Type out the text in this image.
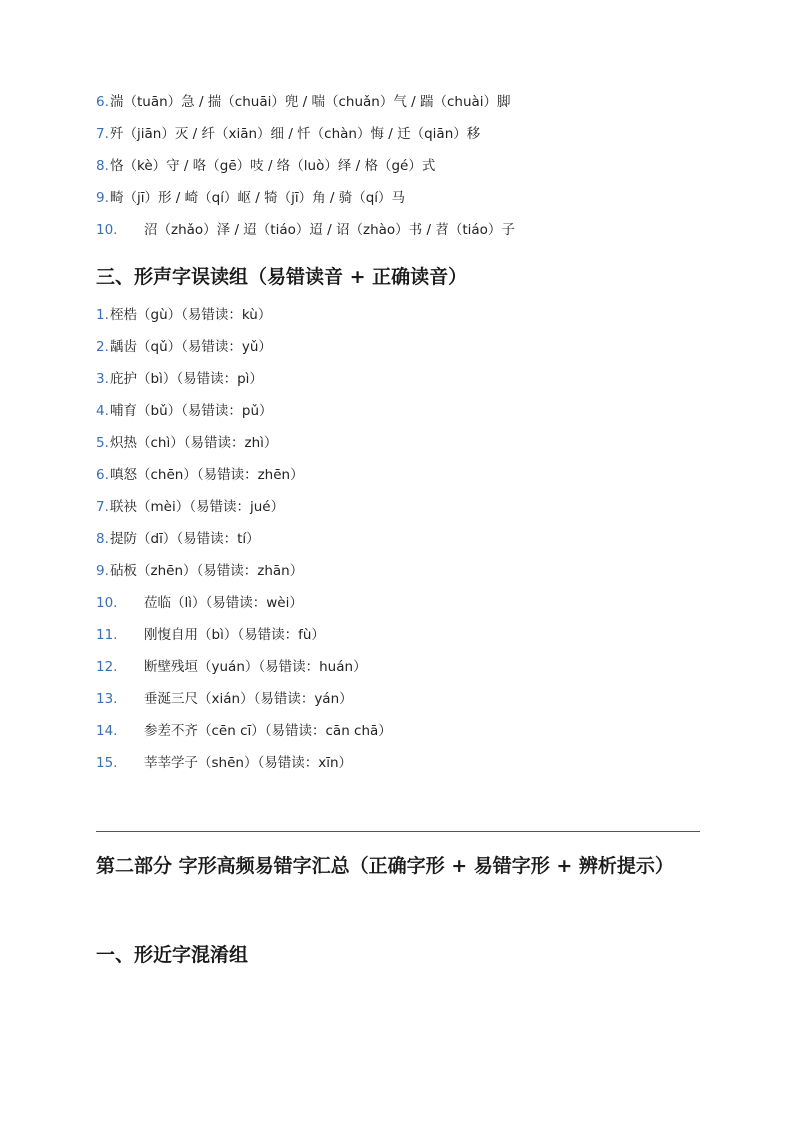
6. 湍（tuān）急 / 揣（chuāi）兜 / 喘（chuǎn）气 / 踹（chuài）脚
7. 歼（jiān）灭 / 纤（xiān）细 / 忏（chàn）悔 / 迁（qiān）移
8. 恪（kè）守 / 咯（gē）吱 / 络（luò）绎 / 格（gé）式
9. 畸（jī）形 / 崎（qí）岖 / 犄（jī）角 / 骑（qí）马
10.	沼（zhǎo）泽 / 迢（tiáo）迢 / 诏（zhào）书 / 苕（tiáo）子
三、形声字误读组（易错读音 + 正确读音）
1. 桎梏（gù）（易错读：kù）
2. 龋齿（qǔ）（易错读：yǔ）
3. 庇护（bì）（易错读：pì）
4. 哺育（bǔ）（易错读：pǔ）
5. 炽热（chì）（易错读：zhì）
6. 嗔怒（chēn）（易错读：zhēn）
7. 联袂（mèi）（易错读：jué）
8. 提防（dī）（易错读：tí）
9. 砧板（zhēn）（易错读：zhān）
10.	莅临（lì）（易错读：wèi）
11.	刚愎自用（bì）（易错读：fù）
12.	断壁残垣（yuán）（易错读：huán）
13.	垂涎三尺（xián）（易错读：yán）
14.	参差不齐（cēn cī）（易错读：cān chā）
15.	莘莘学子（shēn）（易错读：xīn）
第二部分 字形高频易错字汇总（正确字形 + 易错字形 + 辨析提示）
一、形近字混淆组
